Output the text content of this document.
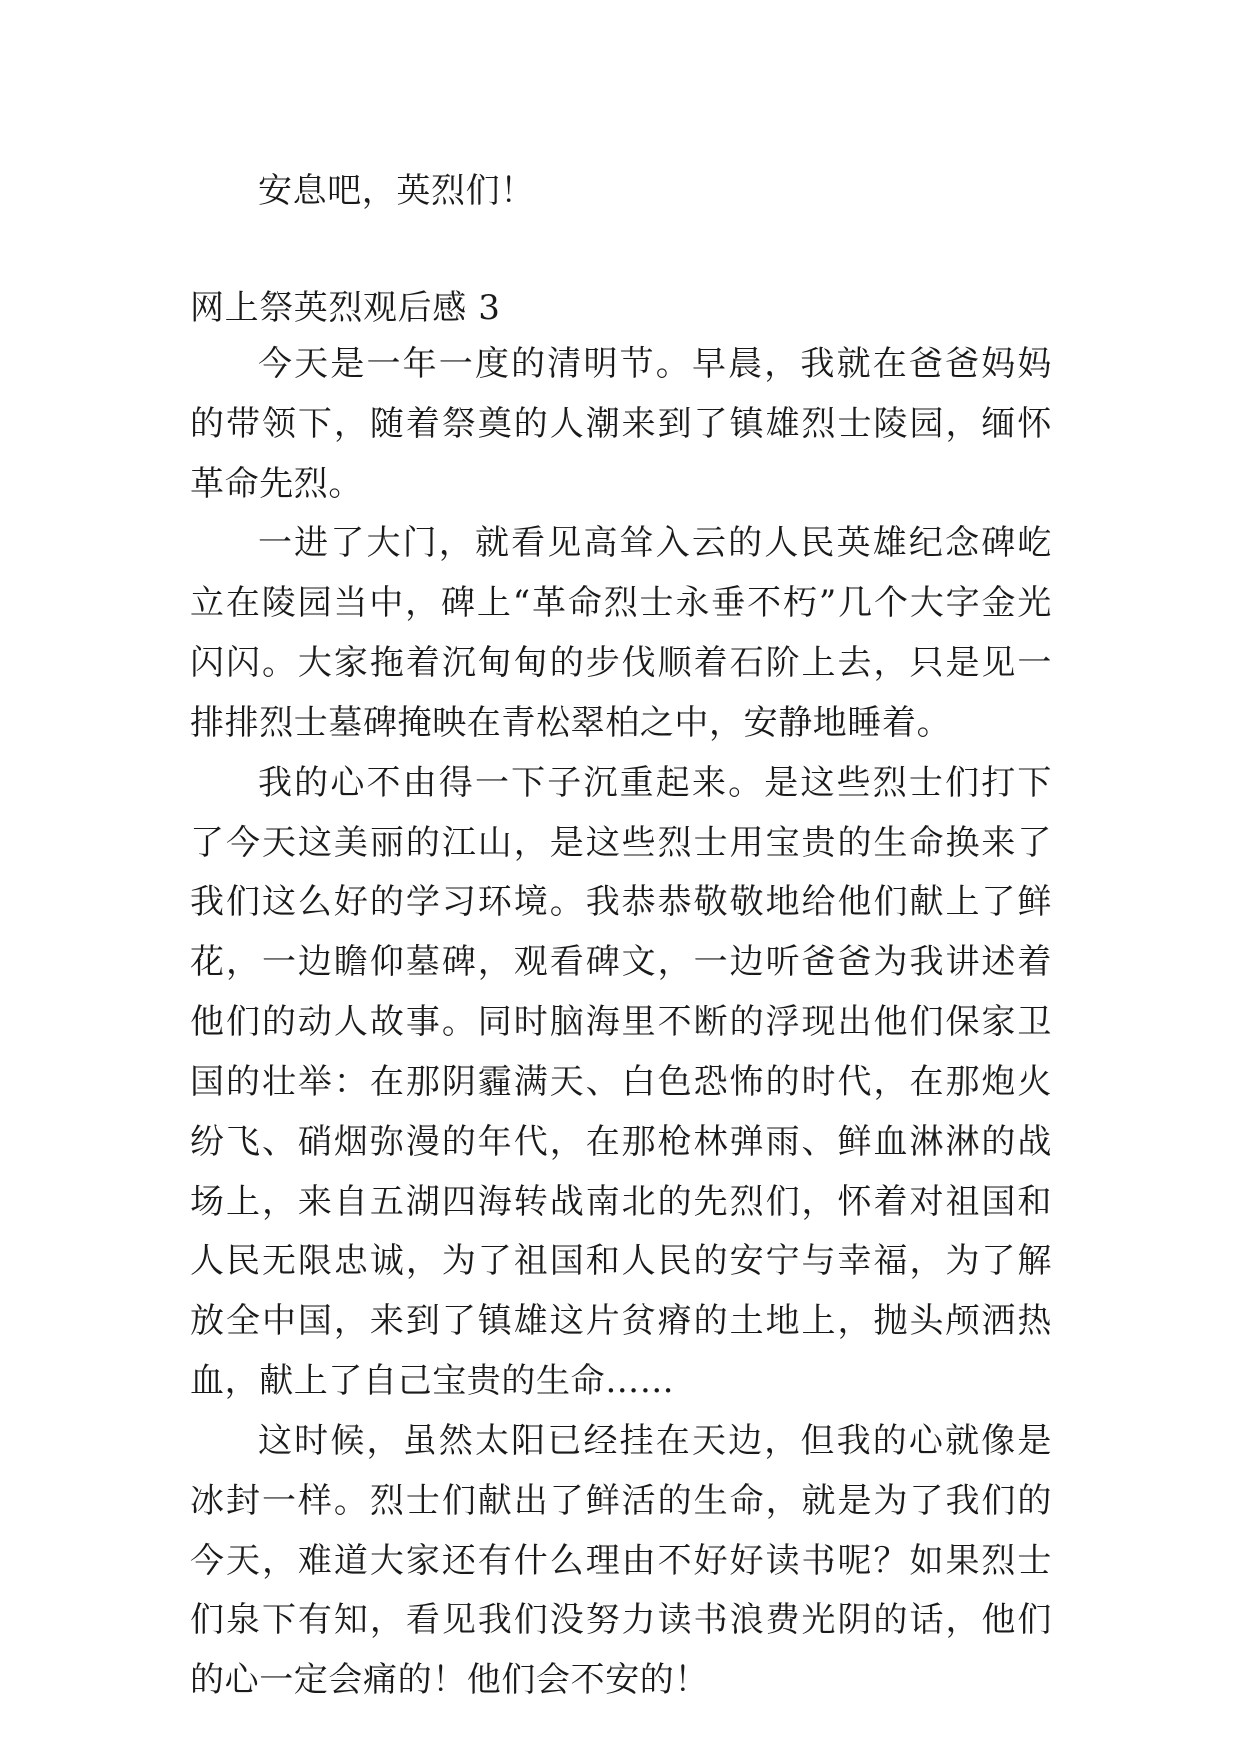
安息吧，英烈们！
网上祭英烈观后感 3

今天是一年一度的清明节。早晨，我就在爸爸妈妈的带领下，随着祭奠的人潮来到了镇雄烈士陵园，缅怀革命先烈。

一进了大门，就看见高耸入云的人民英雄纪念碑屹立在陵园当中，碑上“革命烈士永垂不朽”几个大字金光闪闪。大家拖着沉甸甸的步伐顺着石阶上去，只是见一排排烈士墓碑掩映在青松翠柏之中，安静地睡着。

我的心不由得一下子沉重起来。是这些烈士们打下了今天这美丽的江山，是这些烈士用宝贵的生命换来了我们这么好的学习环境。我恭恭敬敬地给他们献上了鲜花，一边瞻仰墓碑，观看碑文，一边听爸爸为我讲述着他们的动人故事。同时脑海里不断的浮现出他们保家卫国的壮举：在那阴霾满天、白色恐怖的时代，在那炮火纷飞、硝烟弥漫的年代，在那枪林弹雨、鲜血淋淋的战场上，来自五湖四海转战南北的先烈们，怀着对祖国和人民无限忠诚，为了祖国和人民的安宁与幸福，为了解放全中国，来到了镇雄这片贫瘠的土地上，抛头颅洒热血，献上了自己宝贵的生命……

这时候，虽然太阳已经挂在天边，但我的心就像是冰封一样。烈士们献出了鲜活的生命，就是为了我们的今天，难道大家还有什么理由不好好读书呢？如果烈士们泉下有知，看见我们没努力读书浪费光阴的话，他们的心一定会痛的！他们会不安的！
